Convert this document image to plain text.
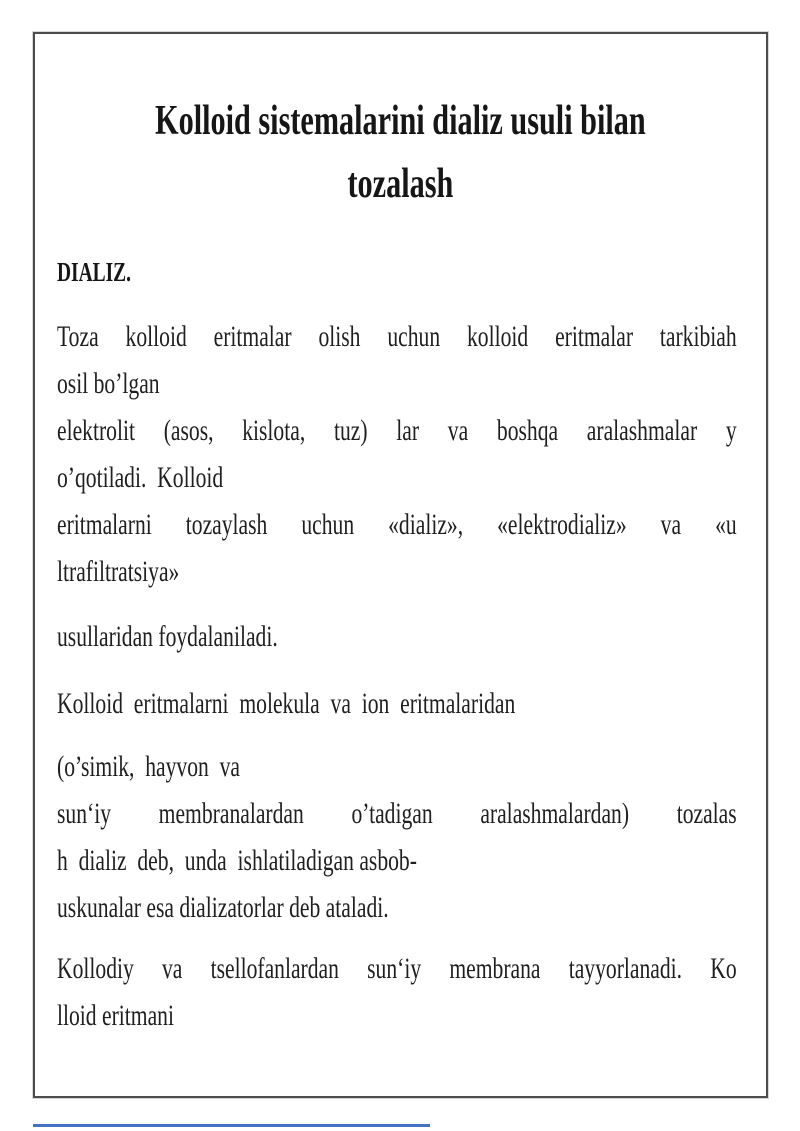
Kolloid sistemalarini dializ usuli bilan
tozalash
DIALIZ.
Toza kolloid eritmalar olish uchun kolloid eritmalar tarkibiah
osil bo’lgan
elektrolit (asos, kislota, tuz) lar va boshqa aralashmalar y
o’qotiladi.  Kolloid
eritmalarni tozaylash uchun «dializ», «elektrodializ» va «u
ltrafiltratsiya»
usullaridan foydalaniladi.
Kolloid  eritmalarni  molekula  va  ion  eritmalaridan
(o’simik,  hayvon  va
sun‘iy membranalardan o’tadigan aralashmalardan) tozalas
h  dializ  deb,  unda  ishlatiladigan asbob-
uskunalar esa dializatorlar deb ataladi.
Kollodiy va tsellofanlardan sun‘iy membrana tayyorlanadi. Ko
lloid eritmani
